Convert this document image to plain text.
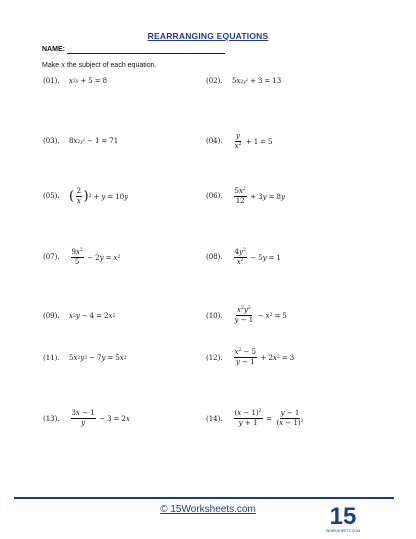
REARRANGING EQUATIONS
NAME:
Make x the subject of each equation.
(01). x 2y + 5 = 8	(02). 5 x $2y^2 + 3 = 13$
(03). 8 x $2y^2 - 1 = 71$	(04). $\frac{y}{x^2} + 1 = 5$
(05). ( $\frac{2}{x}$ ) 2 + y = 10 y	(06). $\frac{5x^2}{12} + 3$ y = 8 y
(07). $\frac{9x^2}{5} - 2$ y = x 2	(08). $\frac{4y^2}{x^2} - 5$ y = 1
(09). x 2 y − 4 = 2 x 2	(10). $\frac{x^2y^2}{y - 1} - x$ 2 = 5
(11). 5 x 2 y 3 − 7 y = 5 x 2	(12). $\frac{x^2 - 5}{y - 1} + 2$ x 2 = 3
(13). $\frac{3x - 1}{y} - 3 = 2$ x	(14). $\frac{(x - 1)^2}{y + 1} = \frac{y - 1}{(x - 1)^2}$
© 15Worksheets.com	15
WORKSHEETS.COM
